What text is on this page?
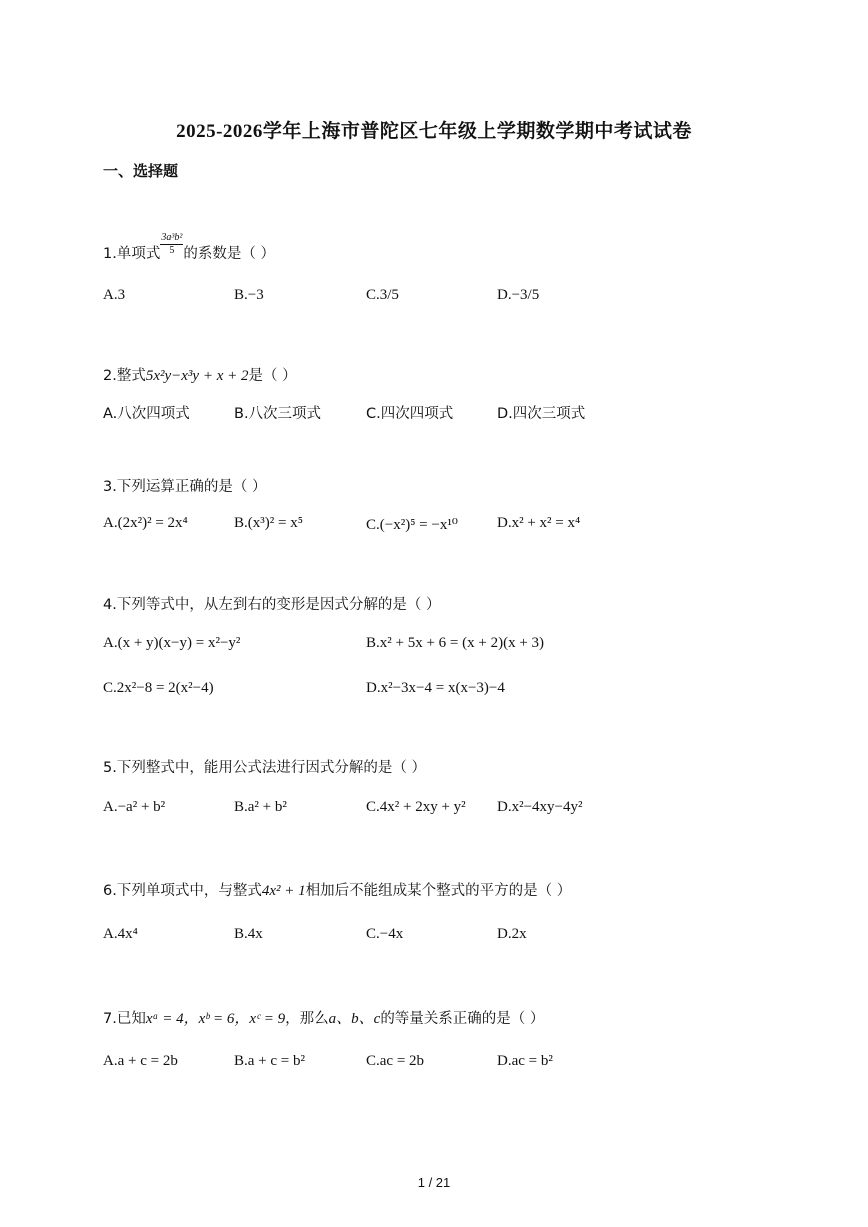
2025-2026学年上海市普陀区七年级上学期数学期中考试试卷
一、选择题
1.单项式 $\frac{\text{3a³b²}}{5}$ 的系数是（ ）
A.3	B.−3	C.3/5	D.−3/5
2.整式5x²y−x³y + x + 2是（ ）
A.八次四项式	B.八次三项式	C.四次四项式	D.四次三项式
3.下列运算正确的是（ ）
A.(2x²)² = 2x⁴	B.(x³)² = x⁵	C.(−x²)⁵ = −x¹⁰	D.x² + x² = x⁴
4.下列等式中，从左到右的变形是因式分解的是（ ）
A.(x + y)(x−y) = x²−y²	B.x² + 5x + 6 = (x + 2)(x + 3)
C.2x²−8 = 2(x²−4)	D.x²−3x−4 = x(x−3)−4
5.下列整式中，能用公式法进行因式分解的是（ ）
A.−a² + b²	B.a² + b²	C.4x² + 2xy + y² D.x²−4xy−4y²
6.下列单项式中，与整式4x² + 1相加后不能组成某个整式的平方的是（ ）
A.4x⁴	B.4x	C.−4x	D.2x
7.已知xᵃ = 4，xᵇ = 6，xᶜ = 9，那么a、b、c的等量关系正确的是（ ）
A.a + c = 2b	B.a + c = b²	C.ac = 2b	D.ac = b²
1 / 21
